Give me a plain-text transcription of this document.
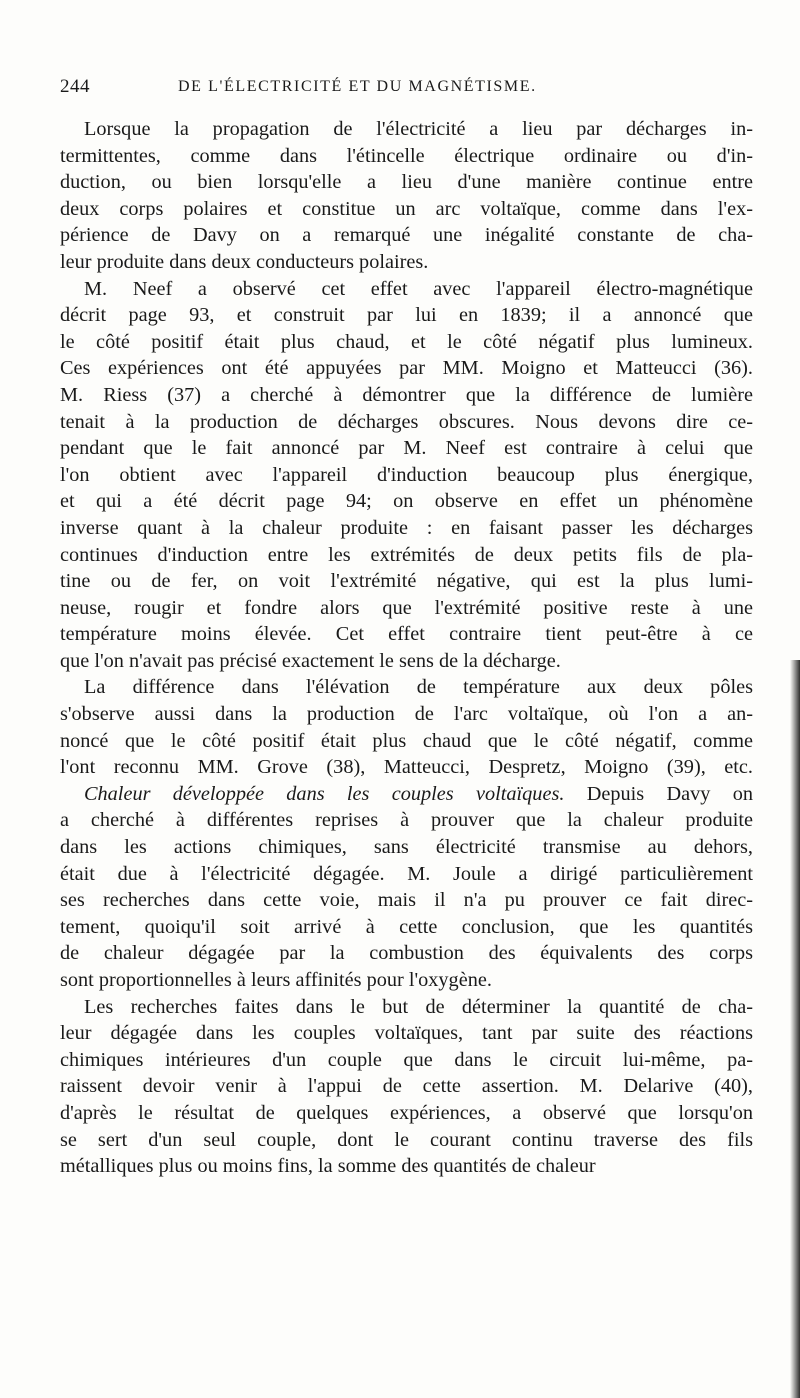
244	DE L'ÉLECTRICITÉ ET DU MAGNÉTISME.
Lorsque la propagation de l'électricité a lieu par décharges in-
termittentes, comme dans l'étincelle électrique ordinaire ou d'in-
duction, ou bien lorsqu'elle a lieu d'une manière continue entre
deux corps polaires et constitue un arc voltaïque, comme dans l'ex-
périence de Davy on a remarqué une inégalité constante de cha-
leur produite dans deux conducteurs polaires.
M. Neef a observé cet effet avec l'appareil électro-magnétique
décrit page 93, et construit par lui en 1839; il a annoncé que
le côté positif était plus chaud, et le côté négatif plus lumineux.
Ces expériences ont été appuyées par MM. Moigno et Matteucci (36).
M. Riess (37) a cherché à démontrer que la différence de lumière
tenait à la production de décharges obscures. Nous devons dire ce-
pendant que le fait annoncé par M. Neef est contraire à celui que
l'on obtient avec l'appareil d'induction beaucoup plus énergique,
et qui a été décrit page 94; on observe en effet un phénomène
inverse quant à la chaleur produite : en faisant passer les décharges
continues d'induction entre les extrémités de deux petits fils de pla-
tine ou de fer, on voit l'extrémité négative, qui est la plus lumi-
neuse, rougir et fondre alors que l'extrémité positive reste à une
température moins élevée. Cet effet contraire tient peut-être à ce
que l'on n'avait pas précisé exactement le sens de la décharge.
La différence dans l'élévation de température aux deux pôles
s'observe aussi dans la production de l'arc voltaïque, où l'on a an-
noncé que le côté positif était plus chaud que le côté négatif, comme
l'ont reconnu MM. Grove (38), Matteucci, Despretz, Moigno (39), etc.
Chaleur développée dans les couples voltaïques. Depuis Davy on
a cherché à différentes reprises à prouver que la chaleur produite
dans les actions chimiques, sans électricité transmise au dehors,
était due à l'électricité dégagée. M. Joule a dirigé particulièrement
ses recherches dans cette voie, mais il n'a pu prouver ce fait direc-
tement, quoiqu'il soit arrivé à cette conclusion, que les quantités
de chaleur dégagée par la combustion des équivalents des corps
sont proportionnelles à leurs affinités pour l'oxygène.
Les recherches faites dans le but de déterminer la quantité de cha-
leur dégagée dans les couples voltaïques, tant par suite des réactions
chimiques intérieures d'un couple que dans le circuit lui-même, pa-
raissent devoir venir à l'appui de cette assertion. M. Delarive (40),
d'après le résultat de quelques expériences, a observé que lorsqu'on
se sert d'un seul couple, dont le courant continu traverse des fils
métalliques plus ou moins fins, la somme des quantités de chaleur
